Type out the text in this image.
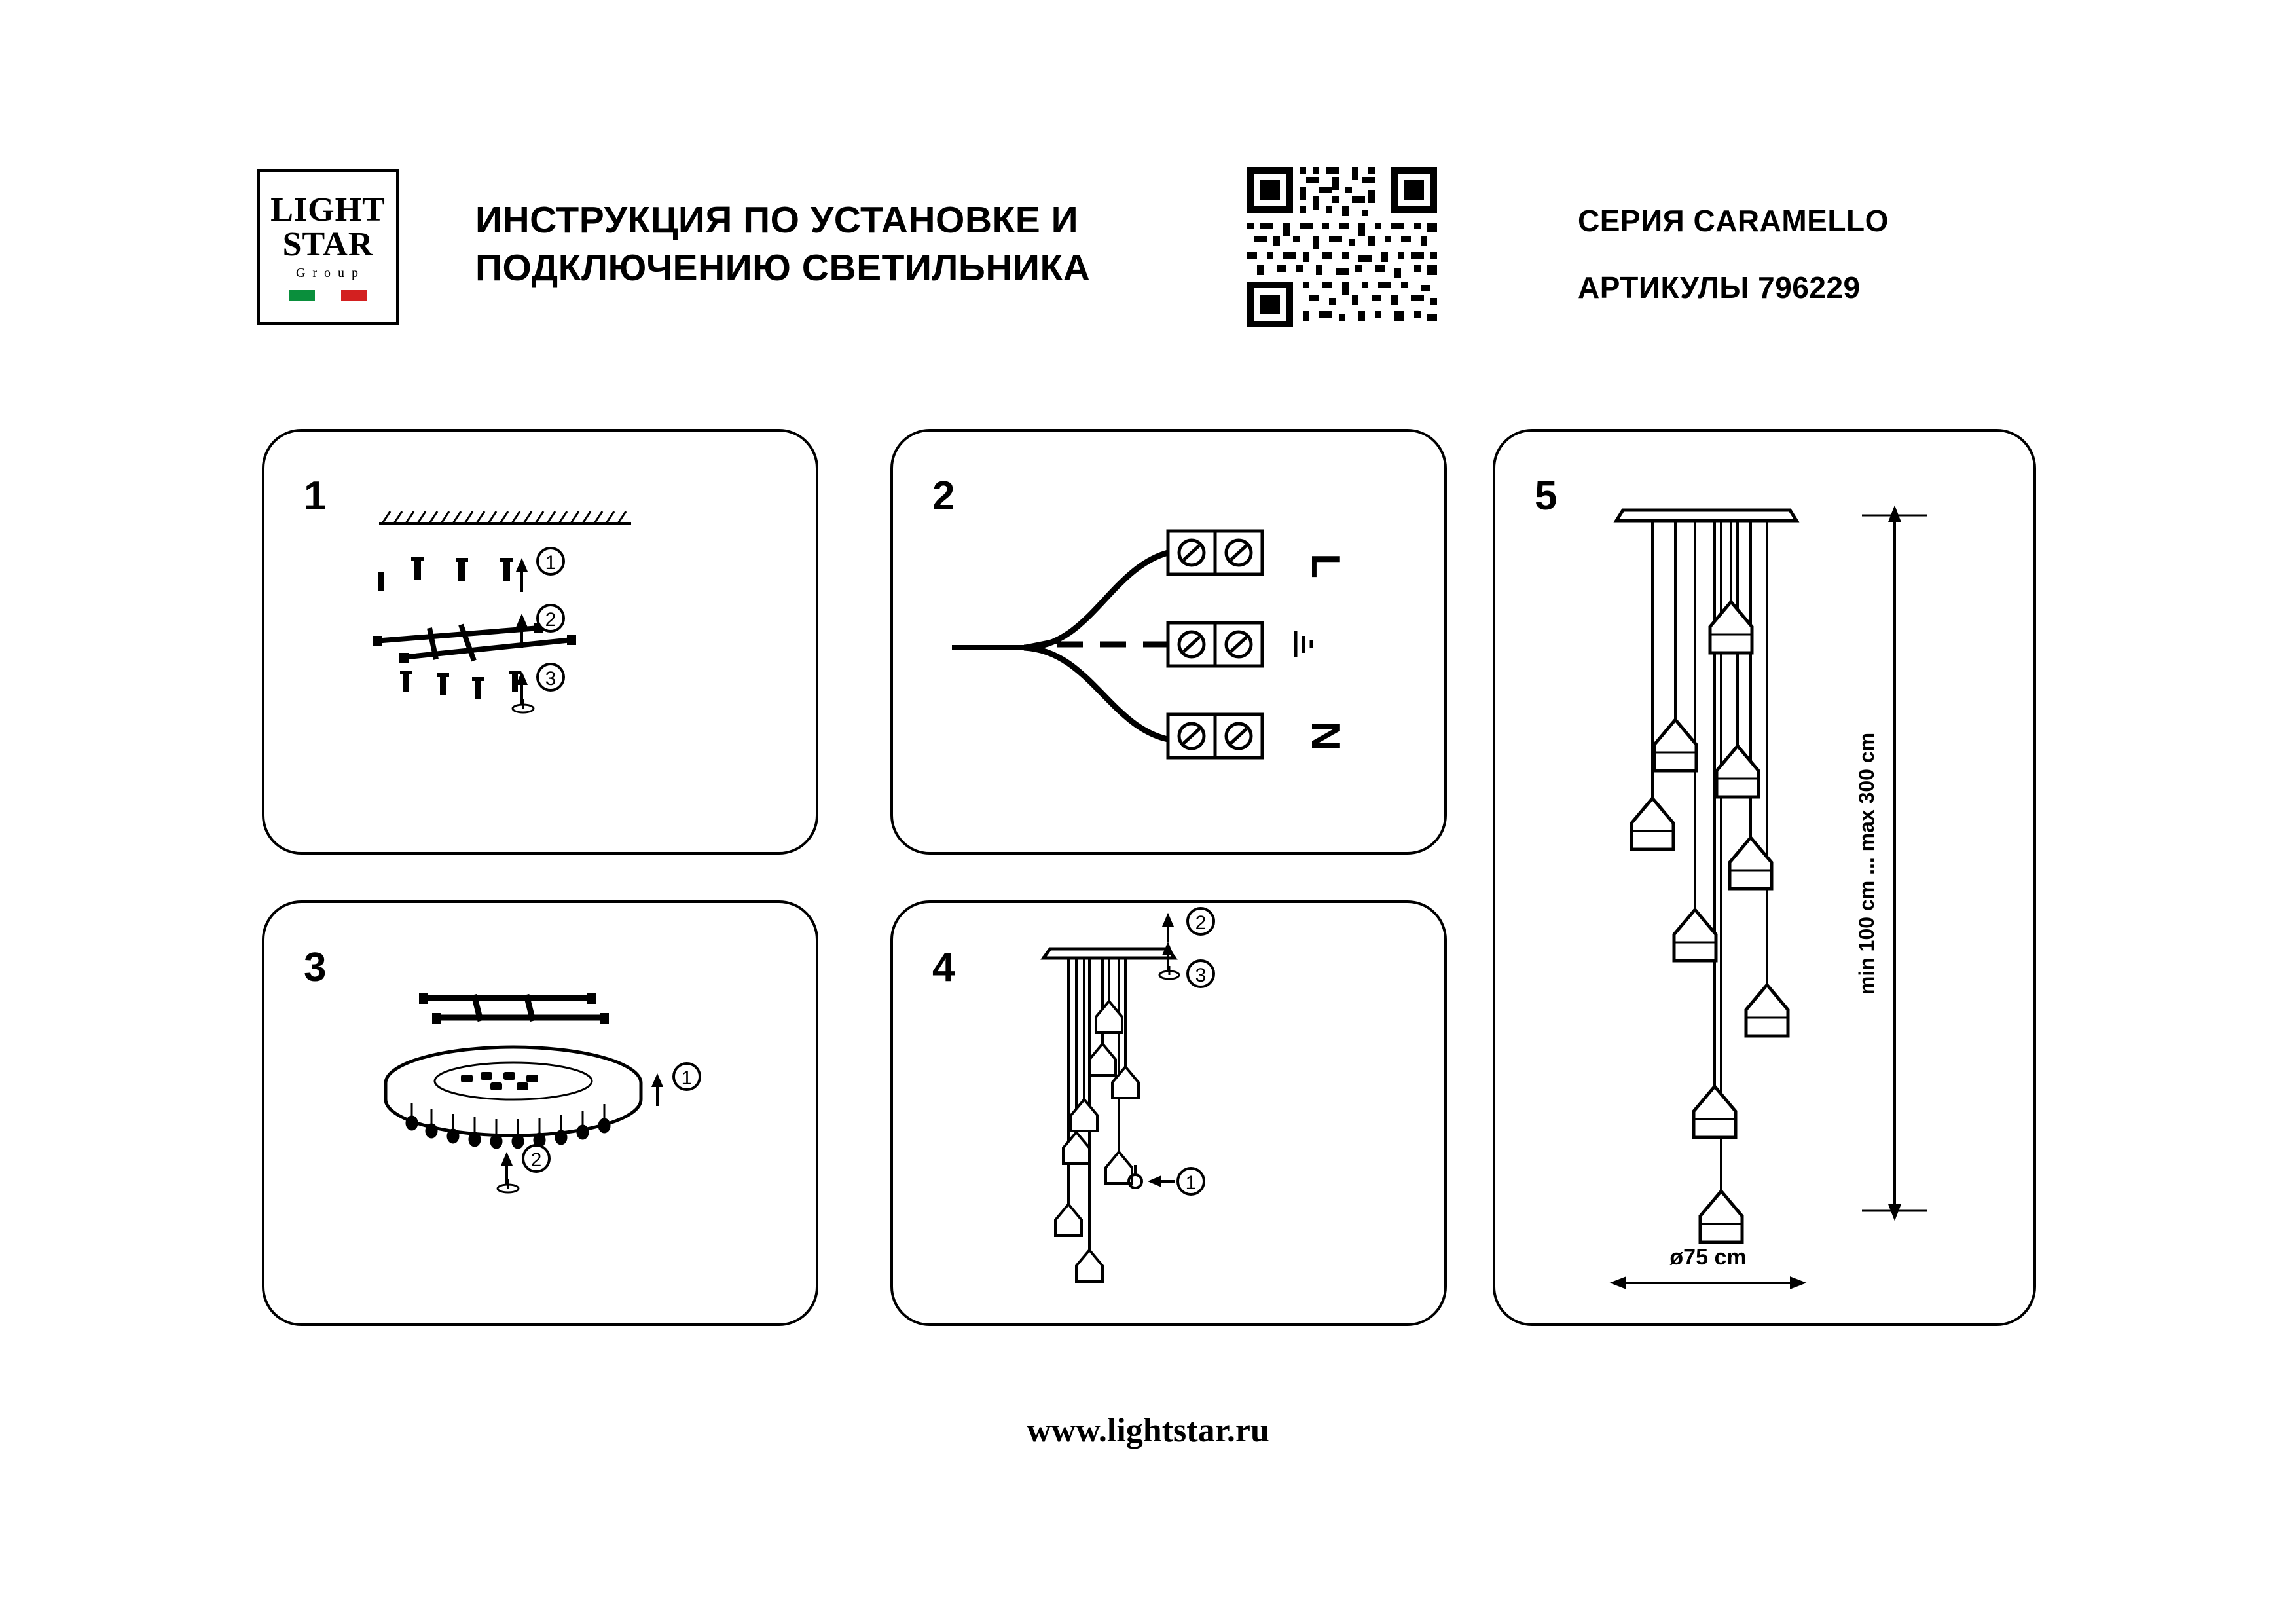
LIGHT
STAR
G r o u p
ИНСТРУКЦИЯ ПО УСТАНОВКЕ И ПОДКЛЮЧЕНИЮ СВЕТИЛЬНИКА
СЕРИЯ CARAMELLO
АРТИКУЛЫ 796229
1
1
2
3
2
L
N
3
1
2
4
2
3
1
5
min 100 cm ... max 300 cm
ø75 cm
www.lightstar.ru
